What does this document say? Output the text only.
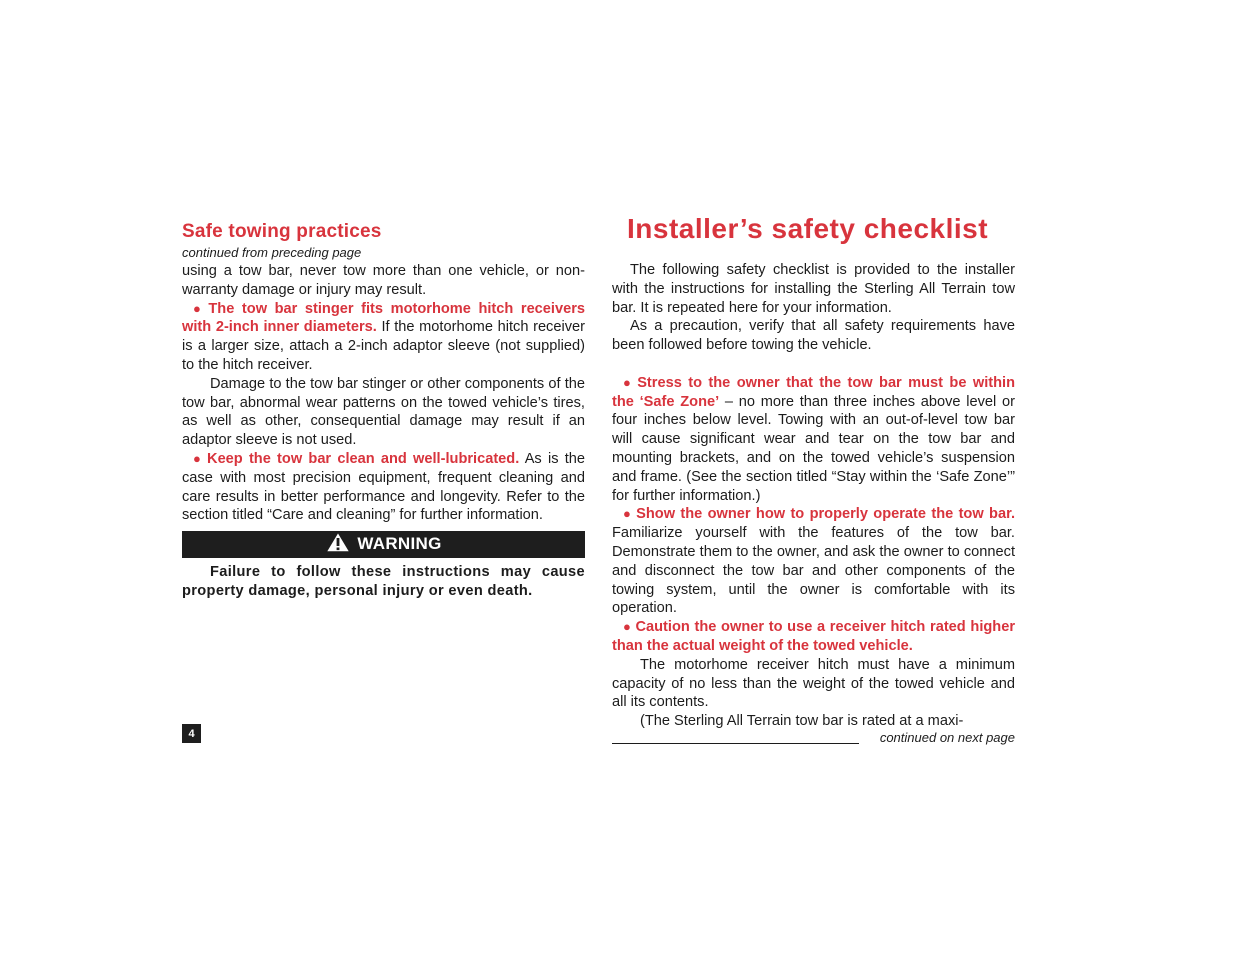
Safe towing practices
continued from preceding page

using a tow bar, never tow more than one vehicle, or non-warranty damage or injury may result.

● The tow bar stinger fits motorhome hitch receivers with 2-inch inner diameters. If the motorhome hitch receiver is a larger size, attach a 2-inch adaptor sleeve (not supplied) to the hitch receiver.

Damage to the tow bar stinger or other components of the tow bar, abnormal wear patterns on the towed vehicle’s tires, as well as other, consequential damage may result if an adaptor sleeve is not used.

● Keep the tow bar clean and well-lubricated. As is the case with most precision equipment, frequent cleaning and care results in better performance and longevity. Refer to the section titled “Care and cleaning” for further information.

WARNING

Failure to follow these instructions may cause property damage, personal injury or even death.

Installer’s safety checklist

The following safety checklist is provided to the installer with the instructions for installing the Sterling All Terrain tow bar. It is repeated here for your information.

As a precaution, verify that all safety requirements have been followed before towing the vehicle.

● Stress to the owner that the tow bar must be within the ‘Safe Zone’ – no more than three inches above level or four inches below level. Towing with an out-of-level tow bar will cause significant wear and tear on the tow bar and mounting brackets, and on the towed vehicle’s suspension and frame. (See the section titled “Stay within the ‘Safe Zone’” for further information.)

● Show the owner how to properly operate the tow bar. Familiarize yourself with the features of the tow bar. Demonstrate them to the owner, and ask the owner to connect and disconnect the tow bar and other components of the towing system, until the owner is comfortable with its operation.

● Caution the owner to use a receiver hitch rated higher than the actual weight of the towed vehicle.

The motorhome receiver hitch must have a minimum capacity of no less than the weight of the towed vehicle and all its contents.

(The Sterling All Terrain tow bar is rated at a maxi-

4	continued on next page
